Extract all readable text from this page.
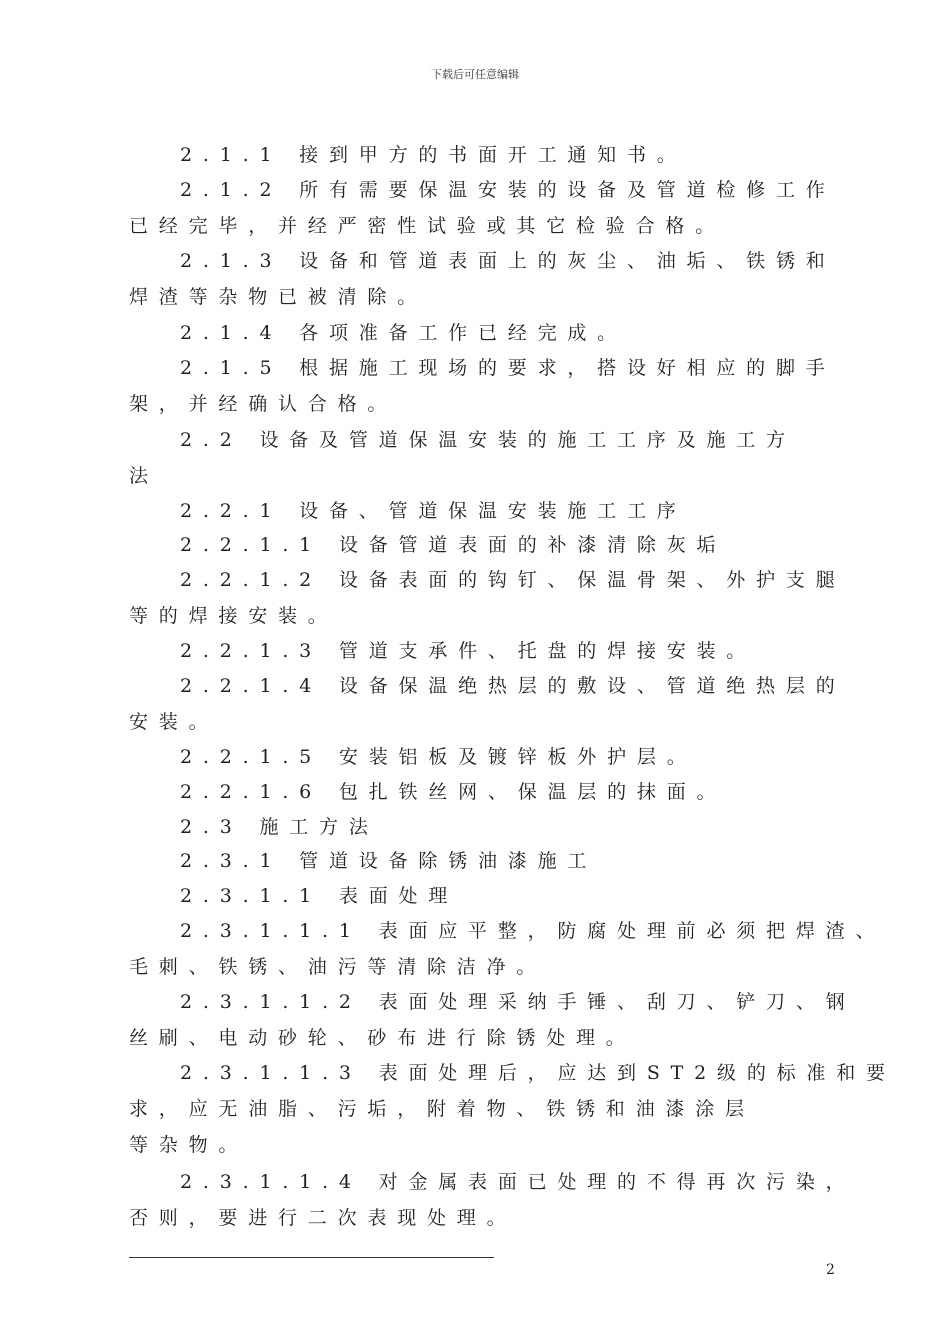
下载后可任意编辑
2.1.1 接到甲方的书面开工通知书。
2.1.2 所有需要保温安装的设备及管道检修工作
已经完毕，并经严密性试验或其它检验合格。
2.1.3 设备和管道表面上的灰尘、油垢、铁锈和
焊渣等杂物已被清除。
2.1.4 各项准备工作已经完成。
2.1.5 根据施工现场的要求，搭设好相应的脚手
架，并经确认合格。
2.2 设备及管道保温安装的施工工序及施工方
法
2.2.1 设备、管道保温安装施工工序
2.2.1.1 设备管道表面的补漆清除灰垢
2.2.1.2 设备表面的钩钉、保温骨架、外护支腿
等的焊接安装。
2.2.1.3 管道支承件、托盘的焊接安装。
2.2.1.4 设备保温绝热层的敷设、管道绝热层的
安装。
2.2.1.5 安装铝板及镀锌板外护层。
2.2.1.6 包扎铁丝网、保温层的抹面。
2.3 施工方法
2.3.1 管道设备除锈油漆施工
2.3.1.1 表面处理
2.3.1.1.1 表面应平整，防腐处理前必须把焊渣、
毛刺、铁锈、油污等清除洁净。
2.3.1.1.2 表面处理采纳手锤、刮刀、铲刀、钢
丝刷、电动砂轮、砂布进行除锈处理。
2.3.1.1.3 表面处理后，应达到ST2级的标准和要
求，应无油脂、污垢，附着物、铁锈和油漆涂层
等杂物。
2.3.1.1.4 对金属表面已处理的不得再次污染，
否则，要进行二次表现处理。
2
